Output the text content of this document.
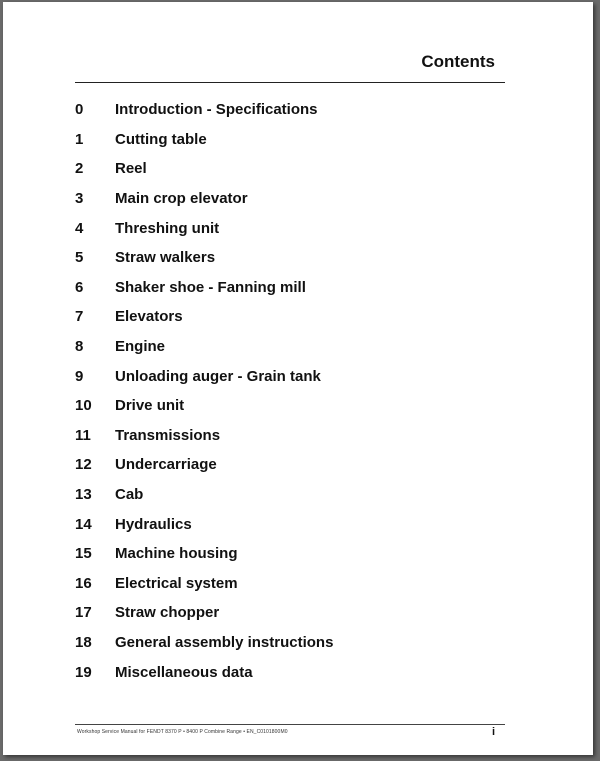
Contents
0	Introduction - Specifications
1	Cutting table
2	Reel
3	Main crop elevator
4	Threshing unit
5	Straw walkers
6	Shaker shoe - Fanning mill
7	Elevators
8	Engine
9	Unloading auger - Grain tank
10	Drive unit
11	Transmissions
12	Undercarriage
13	Cab
14	Hydraulics
15	Machine housing
16	Electrical system
17	Straw chopper
18	General assembly instructions
19	Miscellaneous data
Workshop Service Manual for FENDT 8370 P • 8400 P Combine Range • EN_C0101800M0	i
